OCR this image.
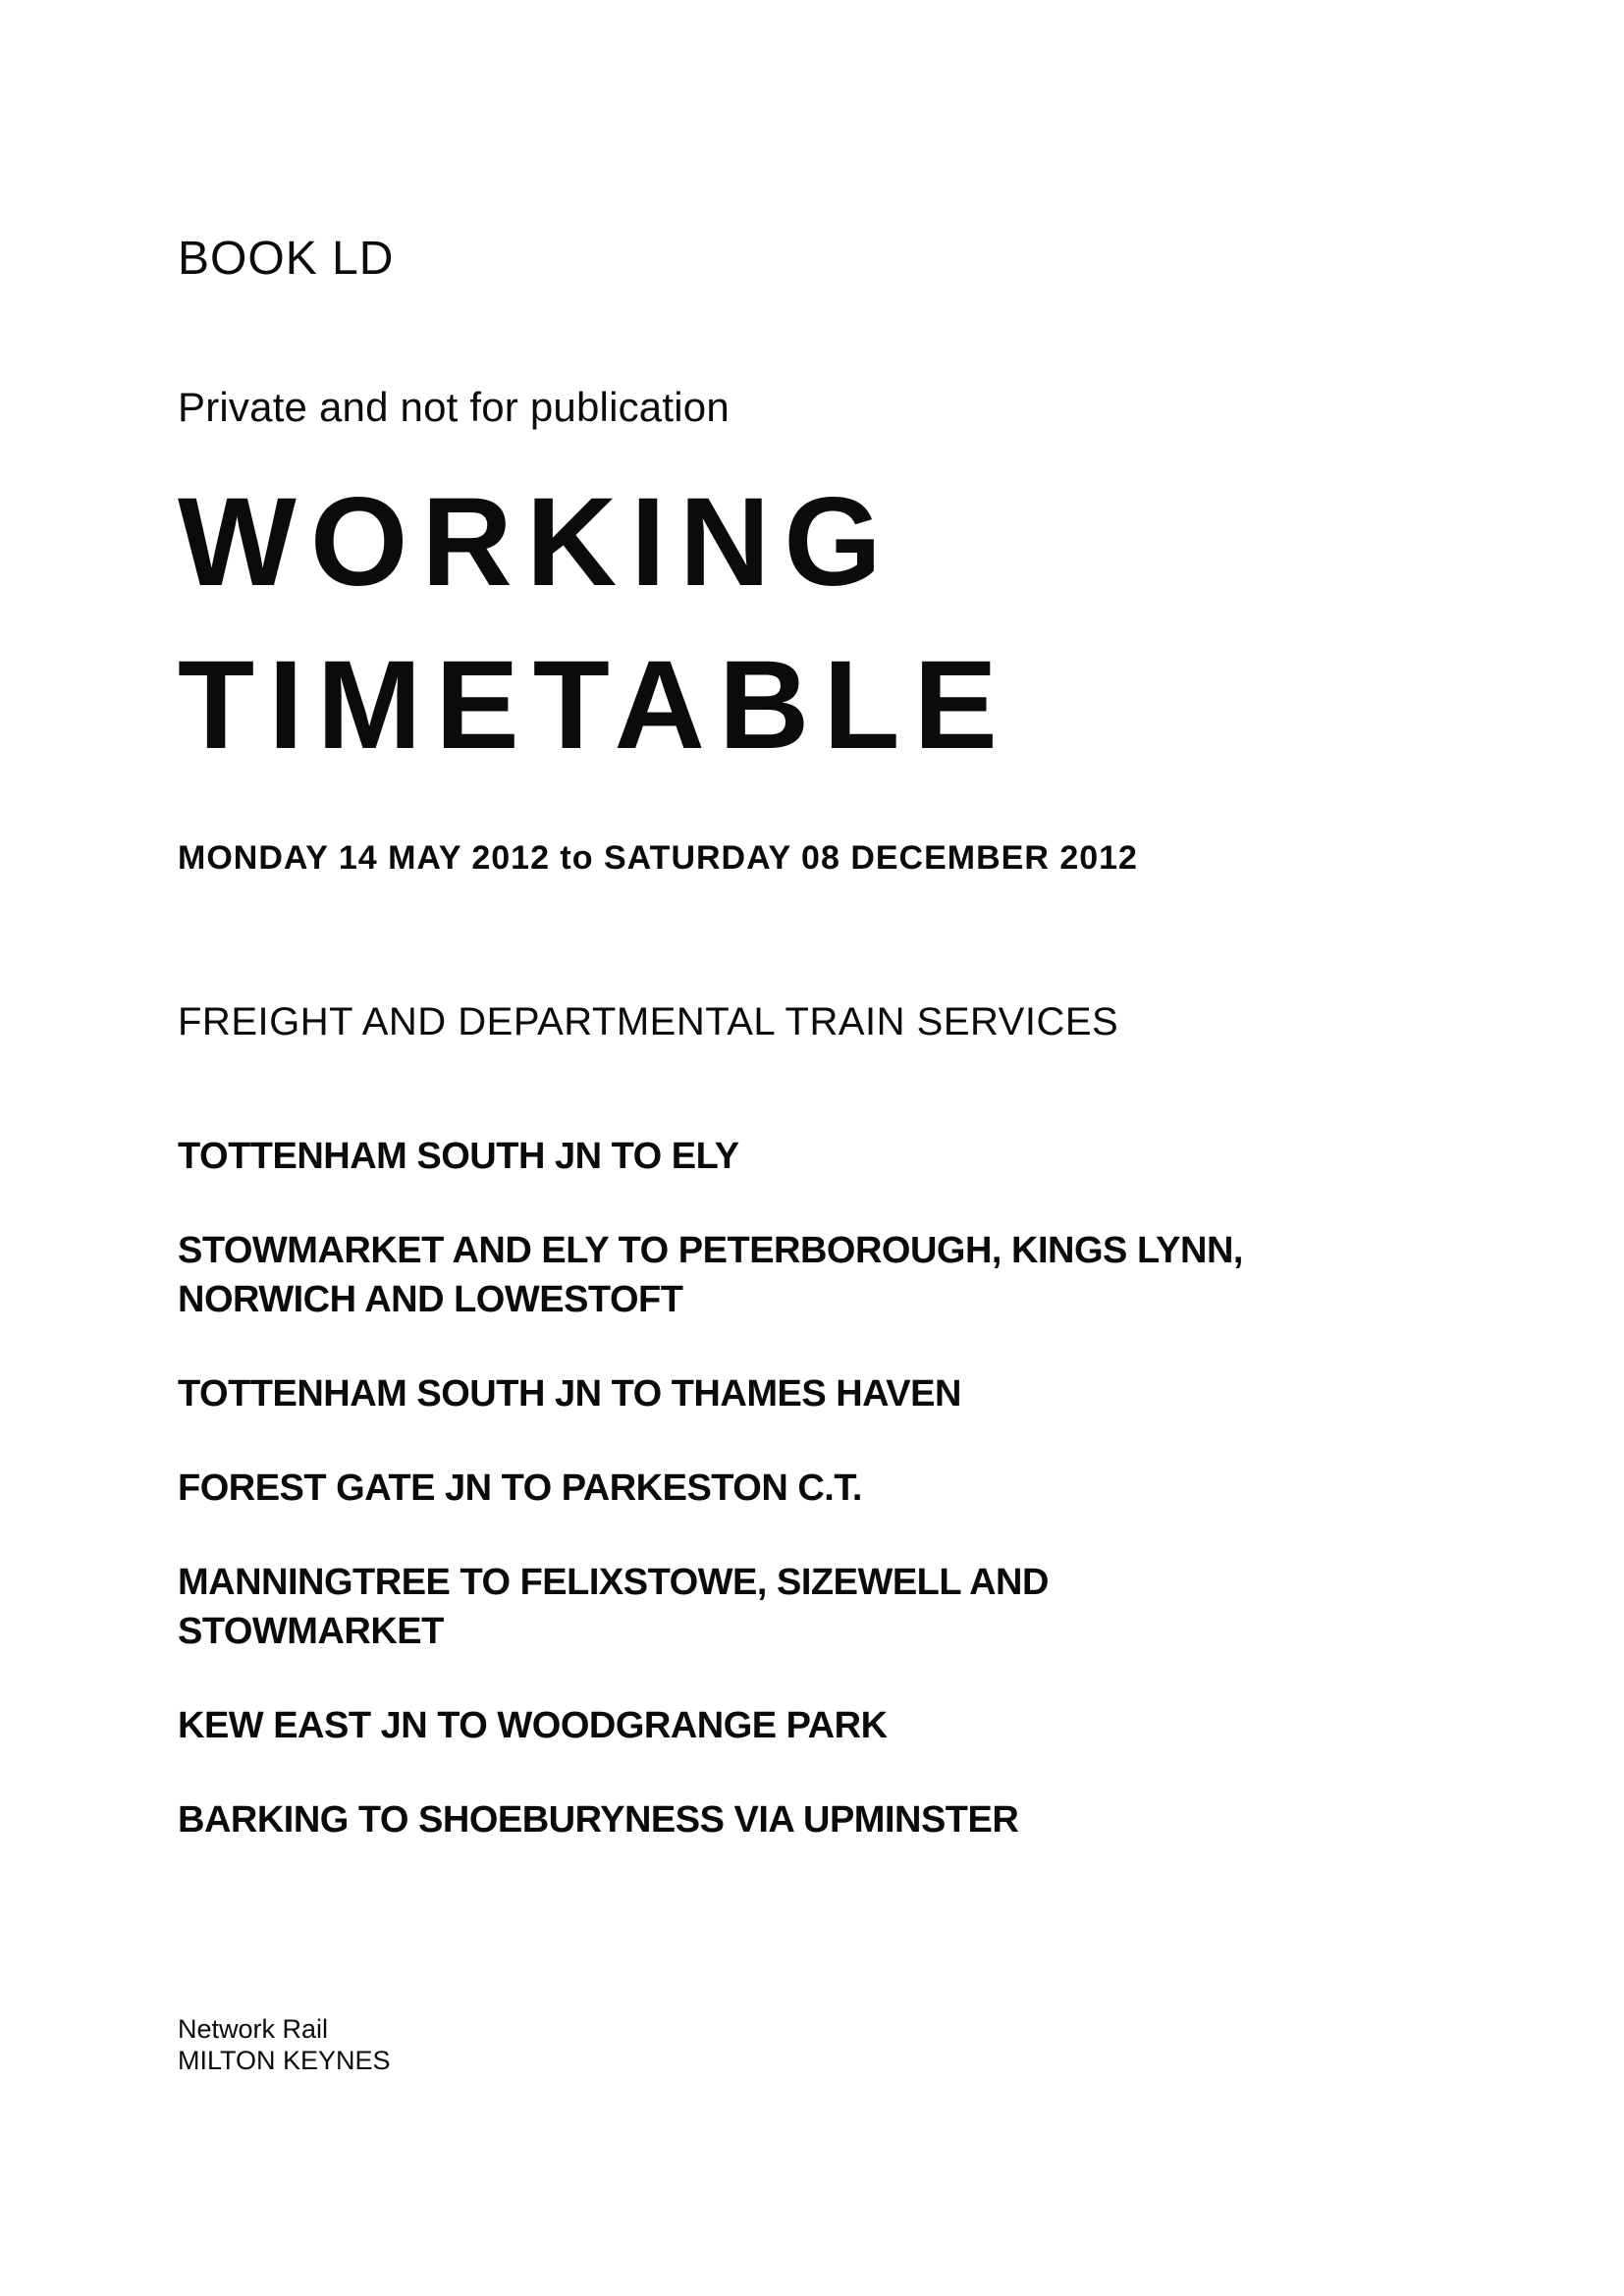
BOOK LD
Private and not for publication
WORKING
TIMETABLE
MONDAY 14 MAY 2012 to SATURDAY 08 DECEMBER 2012
FREIGHT AND DEPARTMENTAL TRAIN SERVICES
TOTTENHAM SOUTH JN TO ELY
STOWMARKET AND ELY TO PETERBOROUGH, KINGS LYNN,
NORWICH AND LOWESTOFT
TOTTENHAM SOUTH JN TO THAMES HAVEN
FOREST GATE JN TO PARKESTON C.T.
MANNINGTREE TO FELIXSTOWE, SIZEWELL AND
STOWMARKET
KEW EAST JN TO WOODGRANGE PARK
BARKING TO SHOEBURYNESS VIA UPMINSTER
Network Rail
MILTON KEYNES
